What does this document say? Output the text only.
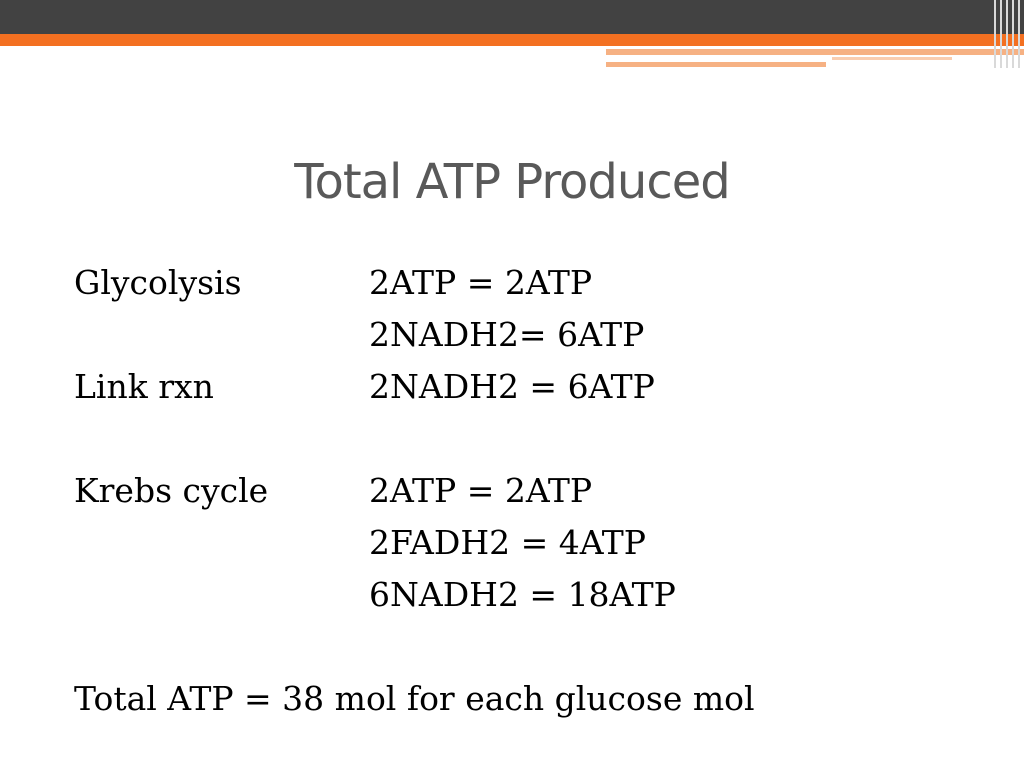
Total ATP Produced
Glycolysis	2ATP = 2ATP
2NADH2= 6ATP
Link rxn	2NADH2 = 6ATP
Krebs cycle	2ATP = 2ATP
2FADH2 = 4ATP
6NADH2 = 18ATP
Total ATP = 38 mol for each glucose mol
